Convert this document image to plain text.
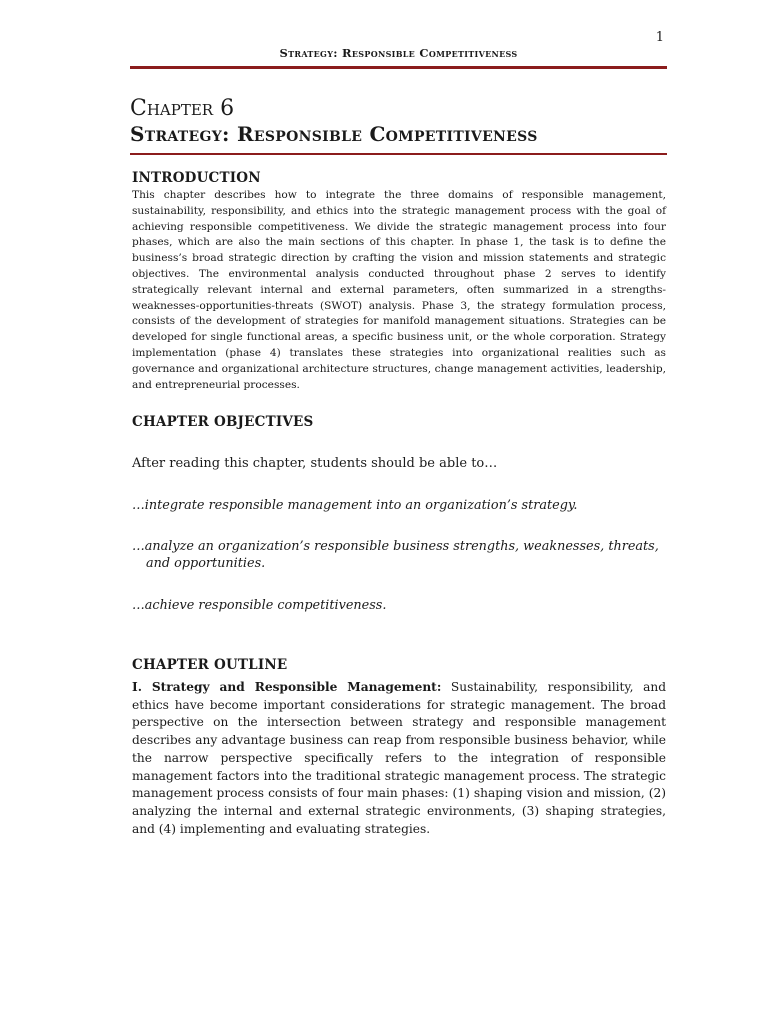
1
Strategy: Responsible Competitiveness
Chapter 6
Strategy: Responsible Competitiveness
INTRODUCTION

This chapter describes how to integrate the three domains of responsible management, sustainability, responsibility, and ethics into the strategic management process with the goal of achieving responsible competitiveness. We divide the strategic management process into four phases, which are also the main sections of this chapter. In phase 1, the task is to define the business’s broad strategic direction by crafting the vision and mission statements and strategic objectives. The environmental analysis conducted throughout phase 2 serves to identify strategically relevant internal and external parameters, often summarized in a strengths-weaknesses-opportunities-threats (SWOT) analysis. Phase 3, the strategy formulation process, consists of the development of strategies for manifold management situations. Strategies can be developed for single functional areas, a specific business unit, or the whole corporation. Strategy implementation (phase 4) translates these strategies into organizational realities such as governance and organizational architecture structures, change management activities, leadership, and entrepreneurial processes.

CHAPTER OBJECTIVES
After reading this chapter, students should be able to…

…integrate responsible management into an organization’s strategy.

…analyze an organization’s responsible business strengths, weaknesses, threats, and opportunities.

…achieve responsible competitiveness.

CHAPTER OUTLINE

I. Strategy and Responsible Management: Sustainability, responsibility, and ethics have become important considerations for strategic management. The broad perspective on the intersection between strategy and responsible management describes any advantage business can reap from responsible business behavior, while the narrow perspective specifically refers to the integration of responsible management factors into the traditional strategic management process. The strategic management process consists of four main phases: (1) shaping vision and mission, (2) analyzing the internal and external strategic environments, (3) shaping strategies, and (4) implementing and evaluating strategies.
